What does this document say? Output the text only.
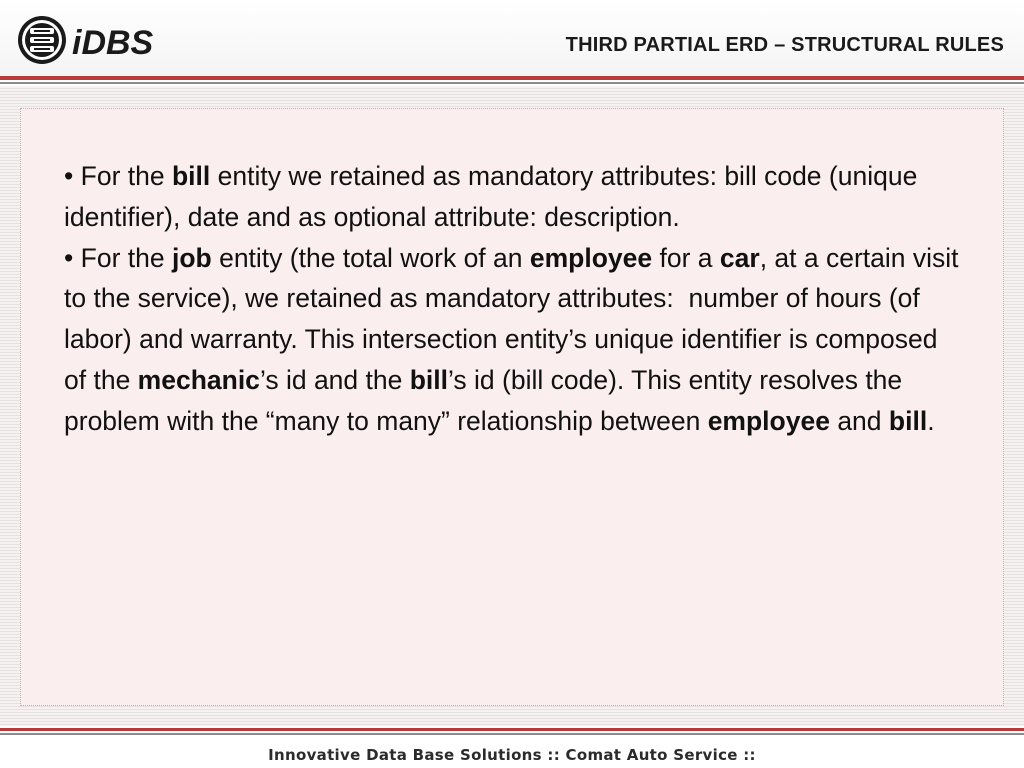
iDBS	THIRD PARTIAL ERD – STRUCTURAL RULES

• For the bill entity we retained as mandatory attributes: bill code (unique identifier), date and as optional attribute: description.

• For the job entity (the total work of an employee for a car, at a certain visit to the service), we retained as mandatory attributes:  number of hours (of labor) and warranty. This intersection entity’s unique identifier is composed of the mechanic’s id and the bill’s id (bill code). This entity resolves the problem with the “many to many” relationship between employee and bill.

Innovative Data Base Solutions :: Comat Auto Service ::
